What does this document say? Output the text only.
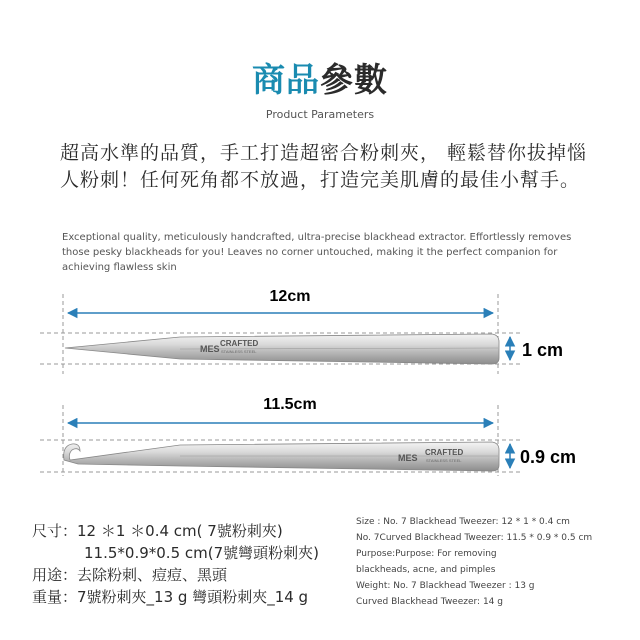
商品參數
Product Parameters
超高水準的品質，手工打造超密合粉刺夾， 輕鬆替你拔掉惱人粉刺！任何死角都不放過，打造完美肌膚的最佳小幫手。
Exceptional quality, meticulously handcrafted, ultra-precise blackhead extractor. Effortlessly removes those pesky blackheads for you! Leaves no corner untouched, making it the perfect companion for achieving flawless skin
12cm
1 cm
MES
CRAFTED
STAINLESS STEEL
11.5cm
0.9 cm
MES
CRAFTED
STAINLESS STEEL
尺寸：12 ＊1 ＊0.4 cm( 7號粉刺夾)
11.5*0.9*0.5 cm(7號彎頭粉刺夾)
用途：去除粉刺、痘痘、黑頭
重量：7號粉刺夾_13 g 彎頭粉刺夾_14 g
Size : No. 7 Blackhead Tweezer: 12 * 1 * 0.4 cm
No. 7Curved Blackhead Tweezer: 11.5 * 0.9 * 0.5 cm
Purpose:Purpose: For removing
blackheads, acne, and pimples
Weight: No. 7 Blackhead Tweezer : 13 g
Curved Blackhead Tweezer: 14 g
